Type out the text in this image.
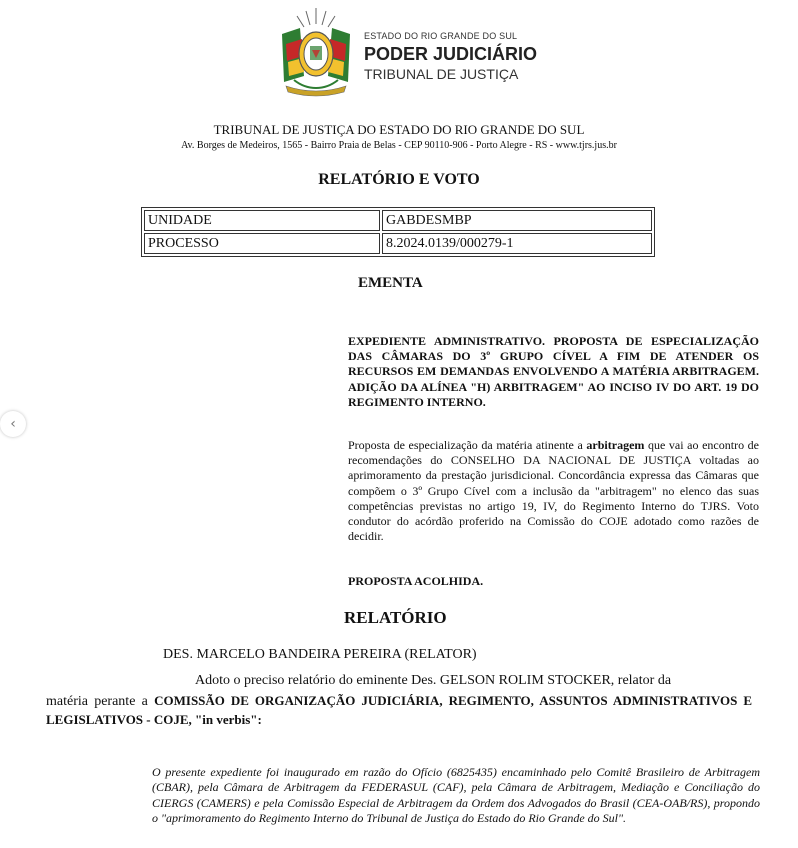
ESTADO DO RIO GRANDE DO SUL
PODER JUDICIÁRIO
TRIBUNAL DE JUSTIÇA
TRIBUNAL DE JUSTIÇA DO ESTADO DO RIO GRANDE DO SUL
Av. Borges de Medeiros, 1565 - Bairro Praia de Belas - CEP 90110-906 - Porto Alegre - RS - www.tjrs.jus.br
RELATÓRIO E VOTO
UNIDADE	GABDESMBP
PROCESSO	8.2024.0139/000279-1
EMENTA
EXPEDIENTE ADMINISTRATIVO. PROPOSTA DE ESPECIALIZAÇÃO DAS CÂMARAS DO 3º GRUPO CÍVEL A FIM DE ATENDER OS RECURSOS EM DEMANDAS ENVOLVENDO A MATÉRIA ARBITRAGEM. ADIÇÃO DA ALÍNEA "H) ARBITRAGEM" AO INCISO IV DO ART. 19 DO REGIMENTO INTERNO.
Proposta de especialização da matéria atinente a arbitragem que vai ao encontro de recomendações do CONSELHO DA NACIONAL DE JUSTIÇA voltadas ao aprimoramento da prestação jurisdicional. Concordância expressa das Câmaras que compõem o 3º Grupo Cível com a inclusão da "arbitragem" no elenco das suas competências previstas no artigo 19, IV, do Regimento Interno do TJRS. Voto condutor do acórdão proferido na Comissão do COJE adotado como razões de decidir.
PROPOSTA ACOLHIDA.
RELATÓRIO
DES. MARCELO BANDEIRA PEREIRA (RELATOR)
Adoto o preciso relatório do eminente Des. GELSON ROLIM STOCKER, relator da
matéria perante a COMISSÃO DE ORGANIZAÇÃO JUDICIÁRIA, REGIMENTO, ASSUNTOS ADMINISTRATIVOS E LEGISLATIVOS - COJE, "in verbis":
O presente expediente foi inaugurado em razão do Ofício (6825435) encaminhado pelo Comitê Brasileiro de Arbitragem (CBAR), pela Câmara de Arbitragem da FEDERASUL (CAF), pela Câmara de Arbitragem, Mediação e Conciliação do CIERGS (CAMERS) e pela Comissão Especial de Arbitragem da Ordem dos Advogados do Brasil (CEA-OAB/RS), propondo o "aprimoramento do Regimento Interno do Tribunal de Justiça do Estado do Rio Grande do Sul".
‹
